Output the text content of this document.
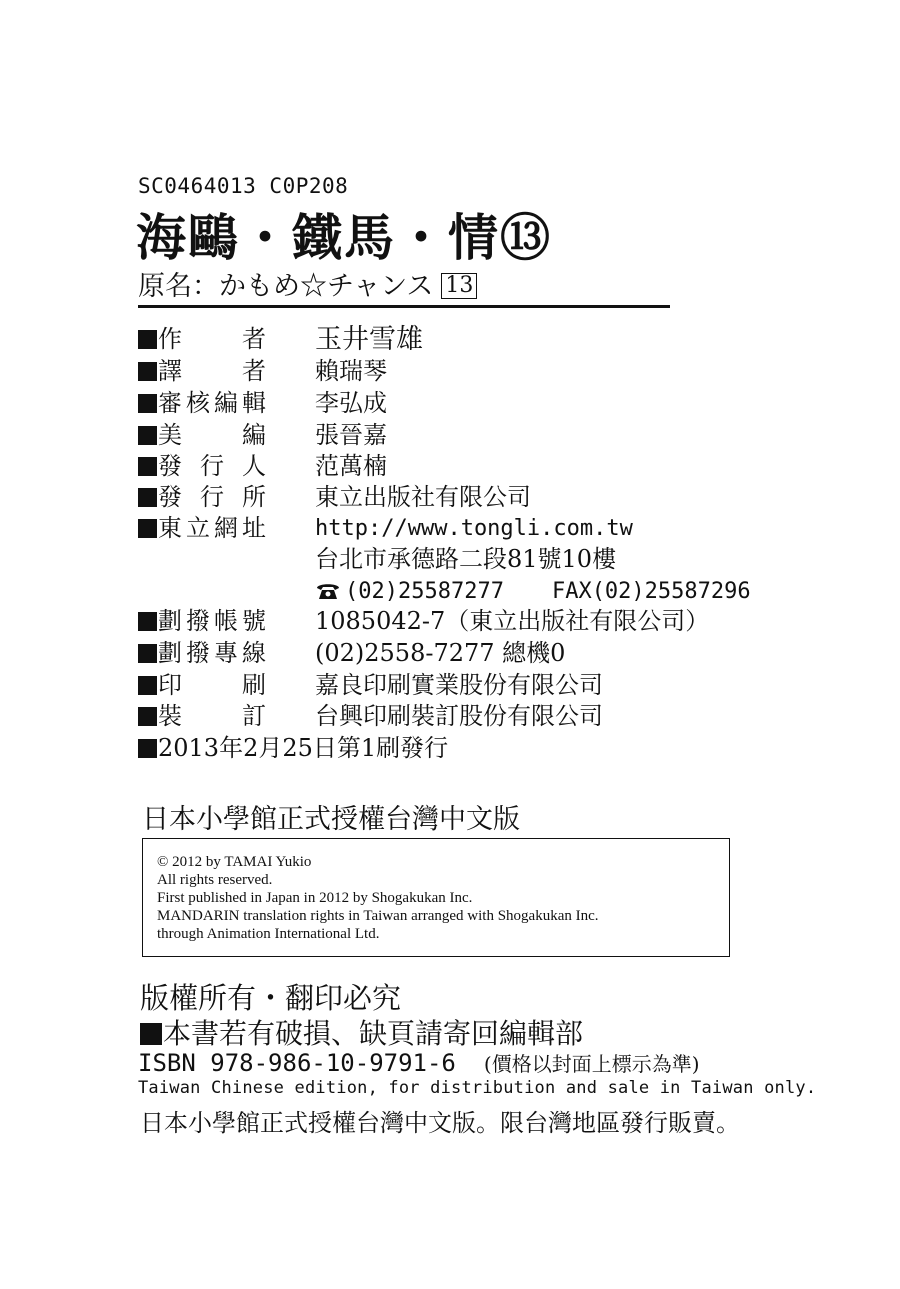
SC0464013 C0P208
海鷗・鐵馬・情⑬
原名：かもめ☆チャンス 13
作　者 玉井雪雄
譯　者 賴瑞琴
審核編輯 李弘成
美　編 張晉嘉
發行人 范萬楠
發行所 東立出版社有限公司
東立網址 http://www.tongli.com.tw
台北市承德路二段81號10樓
(02)25587277 FAX(02)25587296
劃撥帳號 1085042-7（東立出版社有限公司）
劃撥專線 (02)2558-7277 總機0
印　刷 嘉良印刷實業股份有限公司
裝　訂 台興印刷裝訂股份有限公司
2013年2月25日第1刷發行
日本小學館正式授權台灣中文版
© 2012 by TAMAI Yukio
All rights reserved.
First published in Japan in 2012 by Shogakukan Inc.
MANDARIN translation rights in Taiwan arranged with Shogakukan Inc.
through Animation International Ltd.
版權所有・翻印必究
本書若有破損、缺頁請寄回編輯部
ISBN 978-986-10-9791-6 (價格以封面上標示為準)
Taiwan Chinese edition, for distribution and sale in Taiwan only.
日本小學館正式授權台灣中文版。限台灣地區發行販賣。
